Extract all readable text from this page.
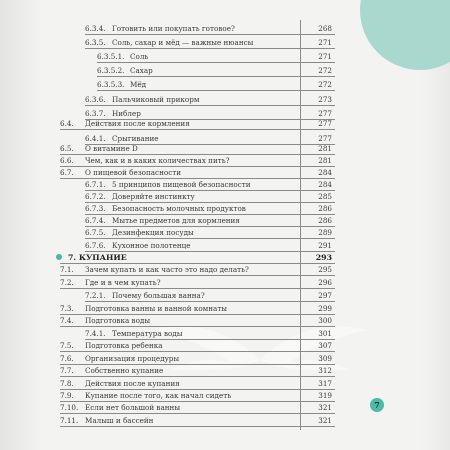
6.3.4. Готовить или покупать готовое?	268
6.3.5. Соль, сахар и мёд — важные нюансы	271
6.3.5.1. Соль	271
6.3.5.2. Сахар	272
6.3.5.3. Мёд	272
6.3.6. Пальчиковый прикорм	273
6.3.7. Ниблер	277
6.4. Действия после кормления	277
6.4.1. Срыгивание	277
6.5. О витамине D	281
6.6. Чем, как и в каких количествах пить?	281
6.7. О пищевой безопасности	284
6.7.1. 5 принципов пищевой безопасности	284
6.7.2. Доверяйте инстинкту	285
6.7.3. Безопасность молочных продуктов	286
6.7.4. Мытье предметов для кормления	286
6.7.5. Дезинфекция посуды	289
6.7.6. Кухонное полотенце	291
7. КУПАНИЕ	293
7.1. Зачем купать и как часто это надо делать?	295
7.2. Где и в чем купать?	296
7.2.1. Почему большая ванна?	297
7.3. Подготовка ванны и ванной комнаты	299
7.4. Подготовка воды	300
7.4.1. Температура воды	301
7.5. Подготовка ребенка	307
7.6. Организация процедуры	309
7.7. Собственно купание	312
7.8. Действия после купания	317
7.9. Купание после того, как начал сидеть	319
7.10. Если нет большой ванны	321
7.11. Малыш и бассейн	321
7
